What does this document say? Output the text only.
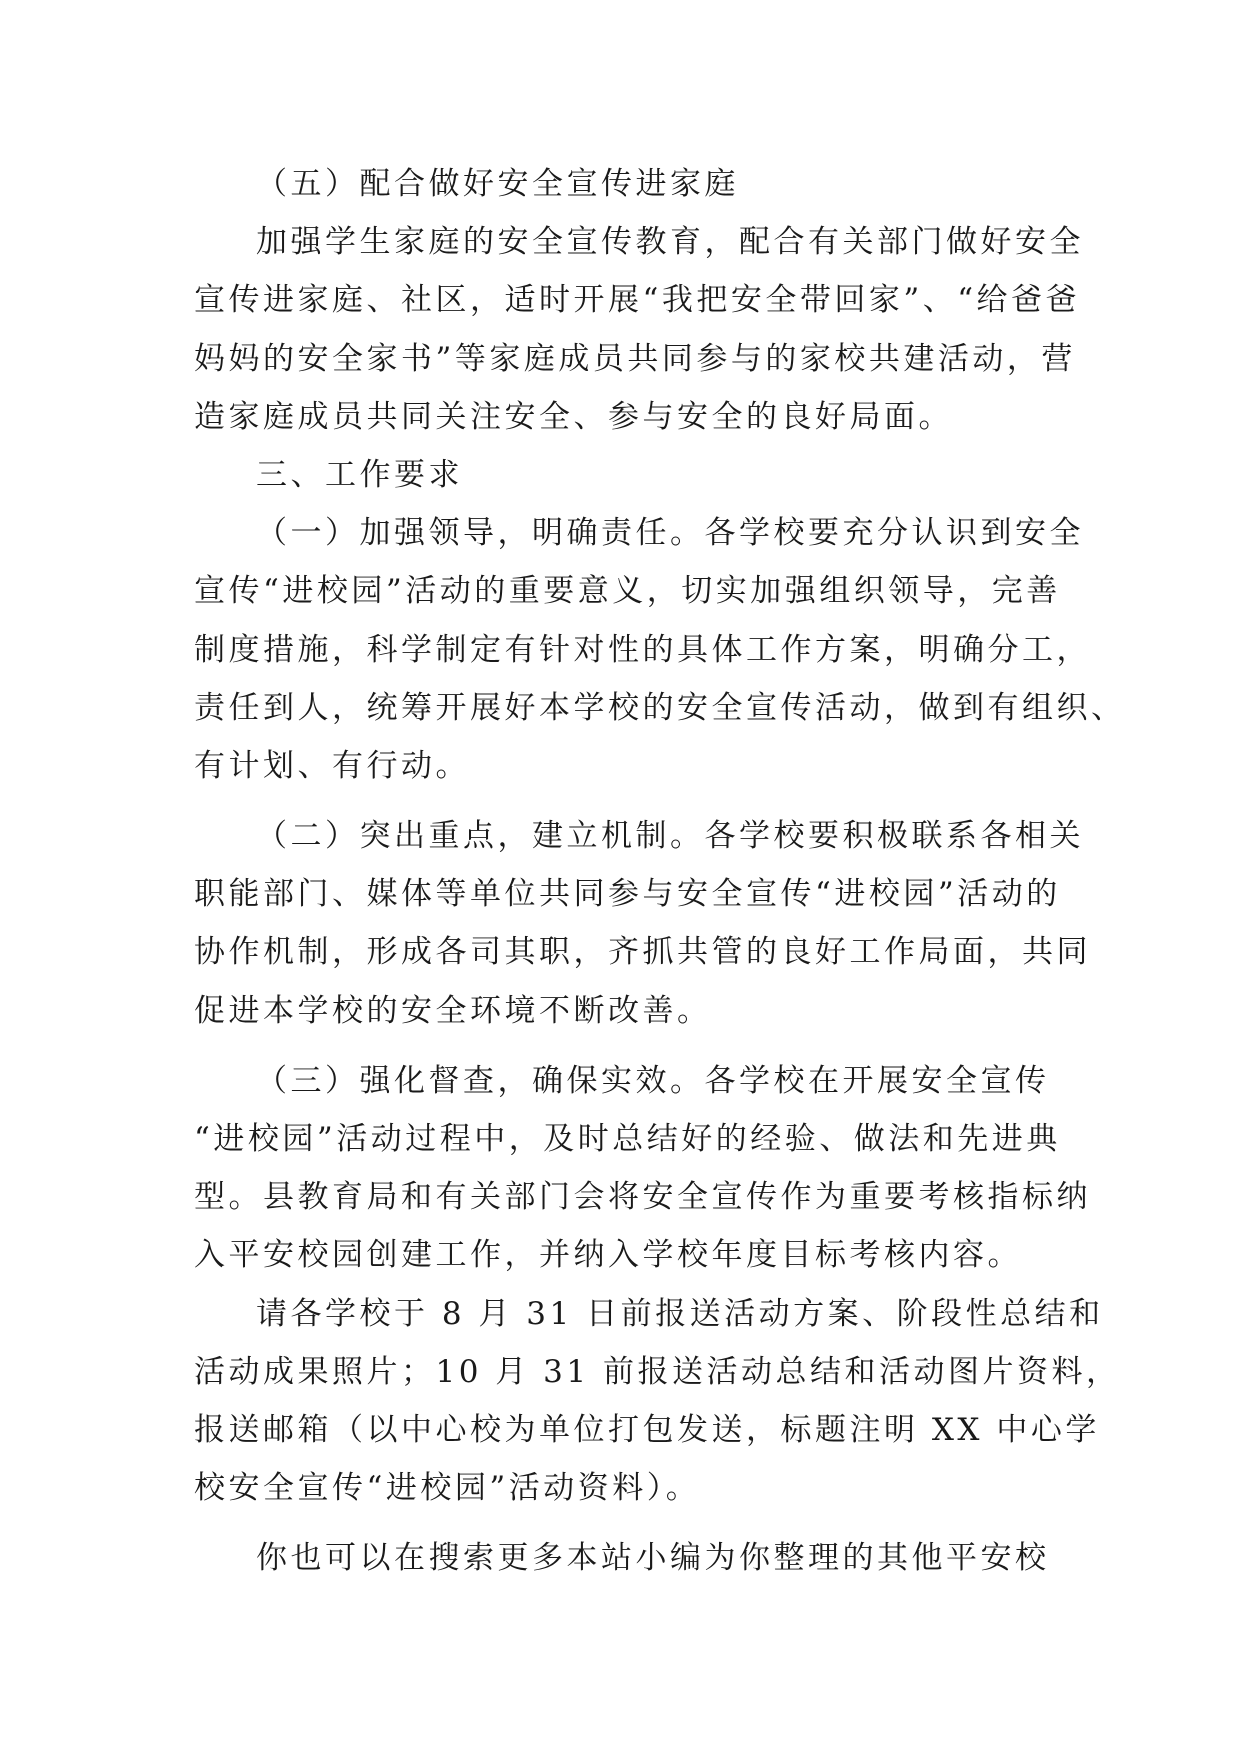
（五）配合做好安全宣传进家庭
加强学生家庭的安全宣传教育，配合有关部门做好安全
宣传进家庭、社区，适时开展“我把安全带回家”、“给爸爸
妈妈的安全家书”等家庭成员共同参与的家校共建活动，营
造家庭成员共同关注安全、参与安全的良好局面。
三、工作要求
（一）加强领导，明确责任。各学校要充分认识到安全
宣传“进校园”活动的重要意义，切实加强组织领导，完善
制度措施，科学制定有针对性的具体工作方案，明确分工，
责任到人，统筹开展好本学校的安全宣传活动，做到有组织、
有计划、有行动。
（二）突出重点，建立机制。各学校要积极联系各相关
职能部门、媒体等单位共同参与安全宣传“进校园”活动的
协作机制，形成各司其职，齐抓共管的良好工作局面，共同
促进本学校的安全环境不断改善。
（三）强化督查，确保实效。各学校在开展安全宣传
“进校园”活动过程中，及时总结好的经验、做法和先进典
型。县教育局和有关部门会将安全宣传作为重要考核指标纳
入平安校园创建工作，并纳入学校年度目标考核内容。
请各学校于 8 月 31 日前报送活动方案、阶段性总结和
活动成果照片；10 月 31 前报送活动总结和活动图片资料，
报送邮箱（以中心校为单位打包发送，标题注明 XX 中心学
校安全宣传“进校园”活动资料）。
你也可以在搜索更多本站小编为你整理的其他平安校
